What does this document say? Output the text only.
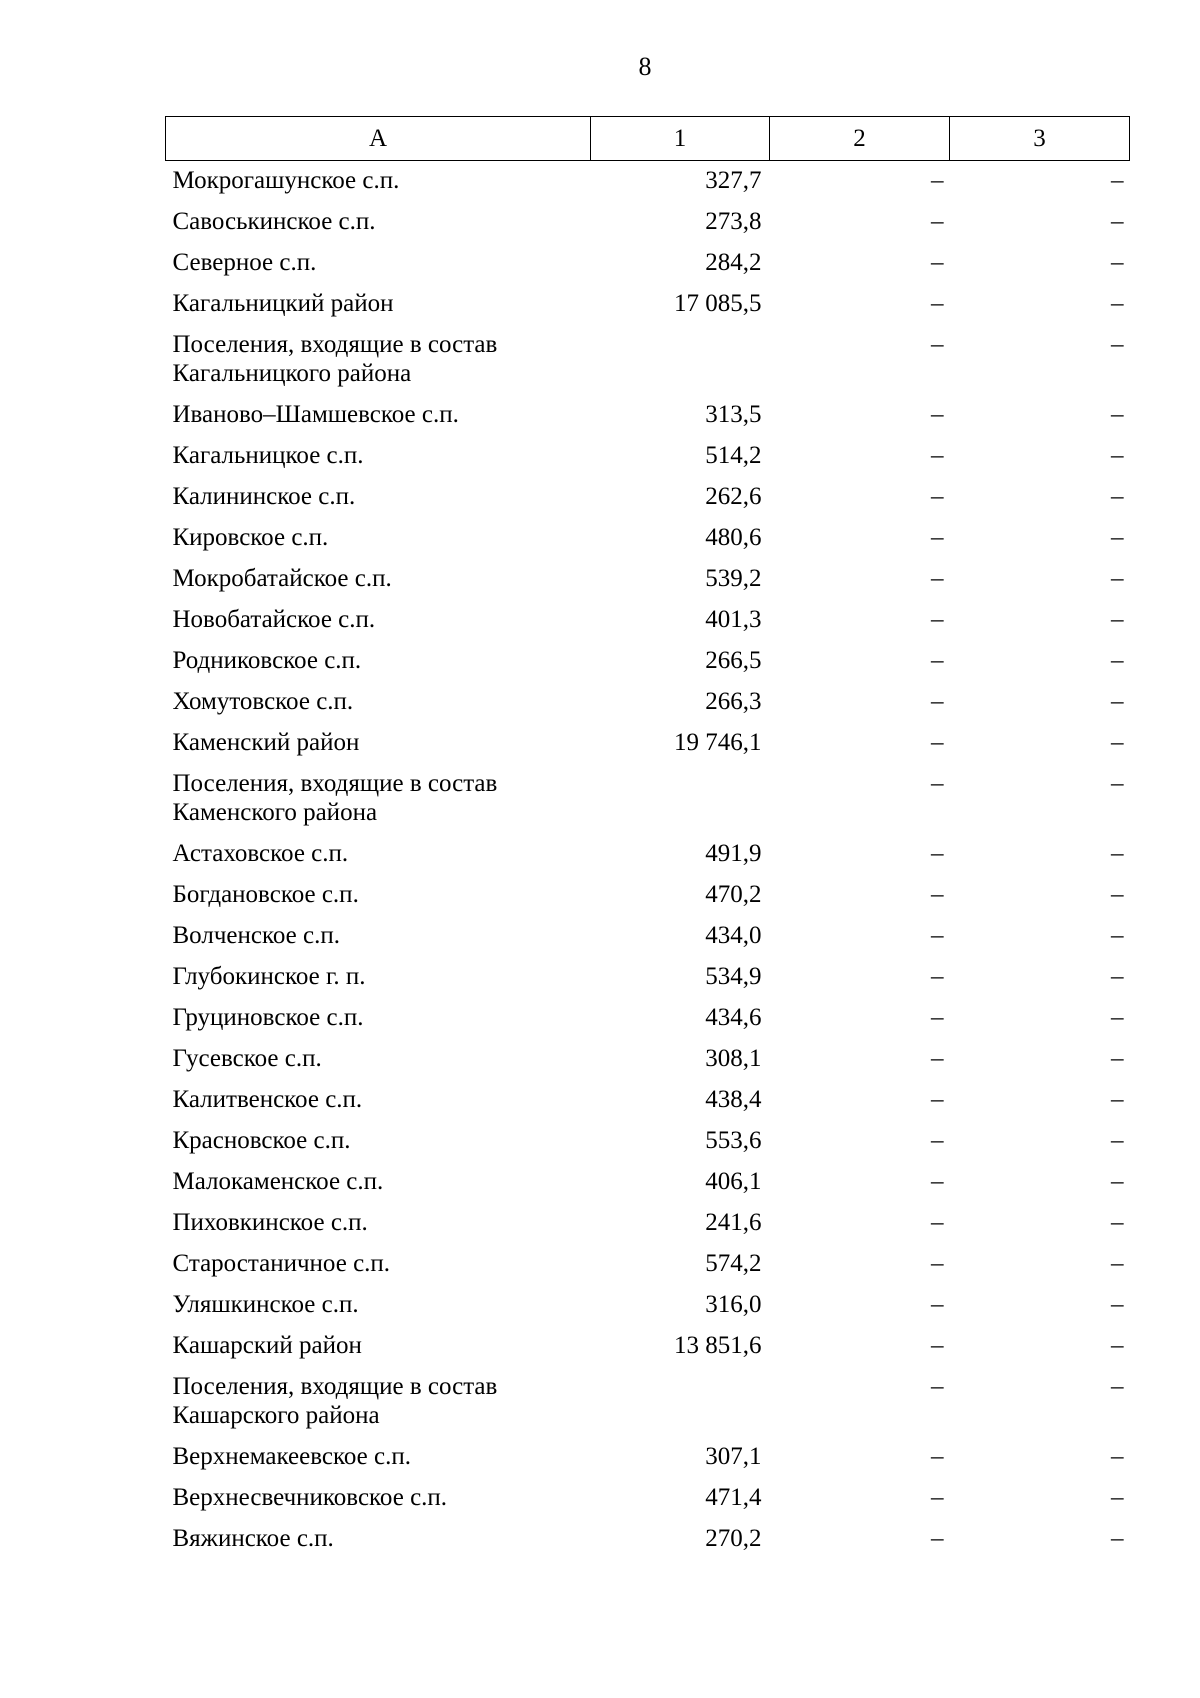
8
А	1	2	3
Мокрогашунское с.п.	327,7	–	–
Савоськинское с.п.	273,8	–	–
Северное с.п.	284,2	–	–
Кагальницкий район	17 085,5	–	–
Поселения, входящие в состав Кагальницкого района		–	–
Иваново–Шамшевское с.п.	313,5	–	–
Кагальницкое с.п.	514,2	–	–
Калининское с.п.	262,6	–	–
Кировское с.п.	480,6	–	–
Мокробатайское с.п.	539,2	–	–
Новобатайское с.п.	401,3	–	–
Родниковское с.п.	266,5	–	–
Хомутовское с.п.	266,3	–	–
Каменский район	19 746,1	–	–
Поселения, входящие в состав Каменского района		–	–
Астаховское с.п.	491,9	–	–
Богдановское с.п.	470,2	–	–
Волченское с.п.	434,0	–	–
Глубокинское г. п.	534,9	–	–
Груциновское с.п.	434,6	–	–
Гусевское с.п.	308,1	–	–
Калитвенское с.п.	438,4	–	–
Красновское с.п.	553,6	–	–
Малокаменское с.п.	406,1	–	–
Пиховкинское с.п.	241,6	–	–
Старостаничное с.п.	574,2	–	–
Уляшкинское с.п.	316,0	–	–
Кашарский район	13 851,6	–	–
Поселения, входящие в состав Кашарского района		–	–
Верхнемакеевское с.п.	307,1	–	–
Верхнесвечниковское с.п.	471,4	–	–
Вяжинское с.п.	270,2	–	–
